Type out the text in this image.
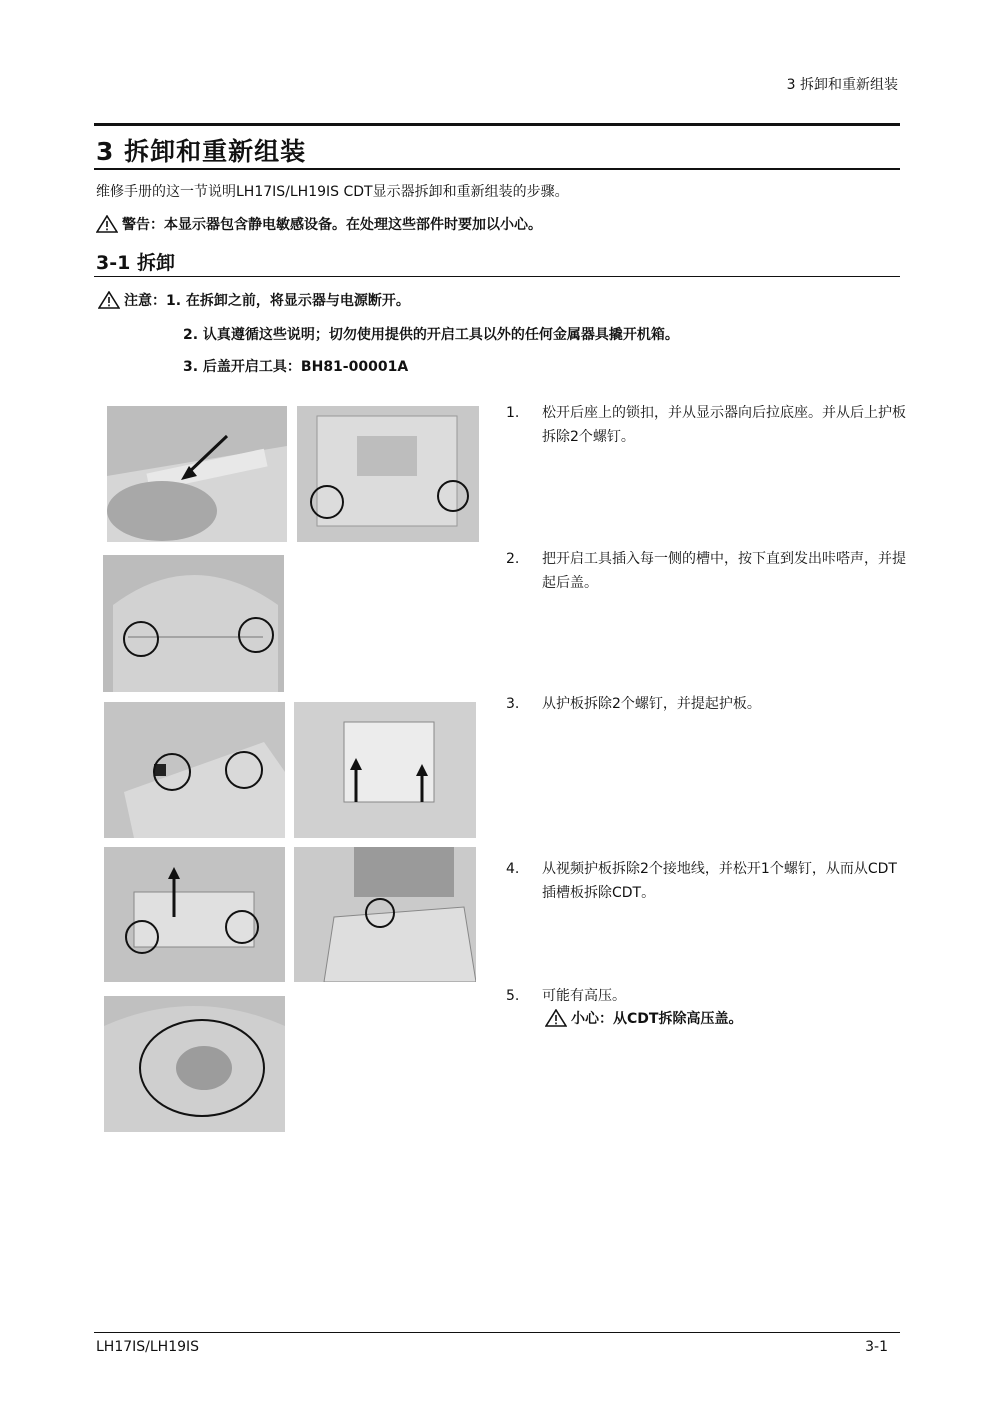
3 拆卸和重新组装
3 拆卸和重新组装
维修手册的这一节说明LH17IS/LH19IS CDT显示器拆卸和重新组装的步骤。
警告：本显示器包含静电敏感设备。在处理这些部件时要加以小心。
3-1 拆卸
注意：1. 在拆卸之前，将显示器与电源断开。
2. 认真遵循这些说明；切勿使用提供的开启工具以外的任何金属器具撬开机箱。
3. 后盖开启工具：BH81-00001A
1.	松开后座上的锁扣，并从显示器向后拉底座。并从后上护板拆除2个螺钉。
2.	把开启工具插入每一侧的槽中，按下直到发出咔嗒声，并提起后盖。
3.	从护板拆除2个螺钉，并提起护板。
4.	从视频护板拆除2个接地线，并松开1个螺钉，从而从CDT插槽板拆除CDT。
5.	可能有高压。
小心：从CDT拆除高压盖。
LH17IS/LH19IS	3-1
